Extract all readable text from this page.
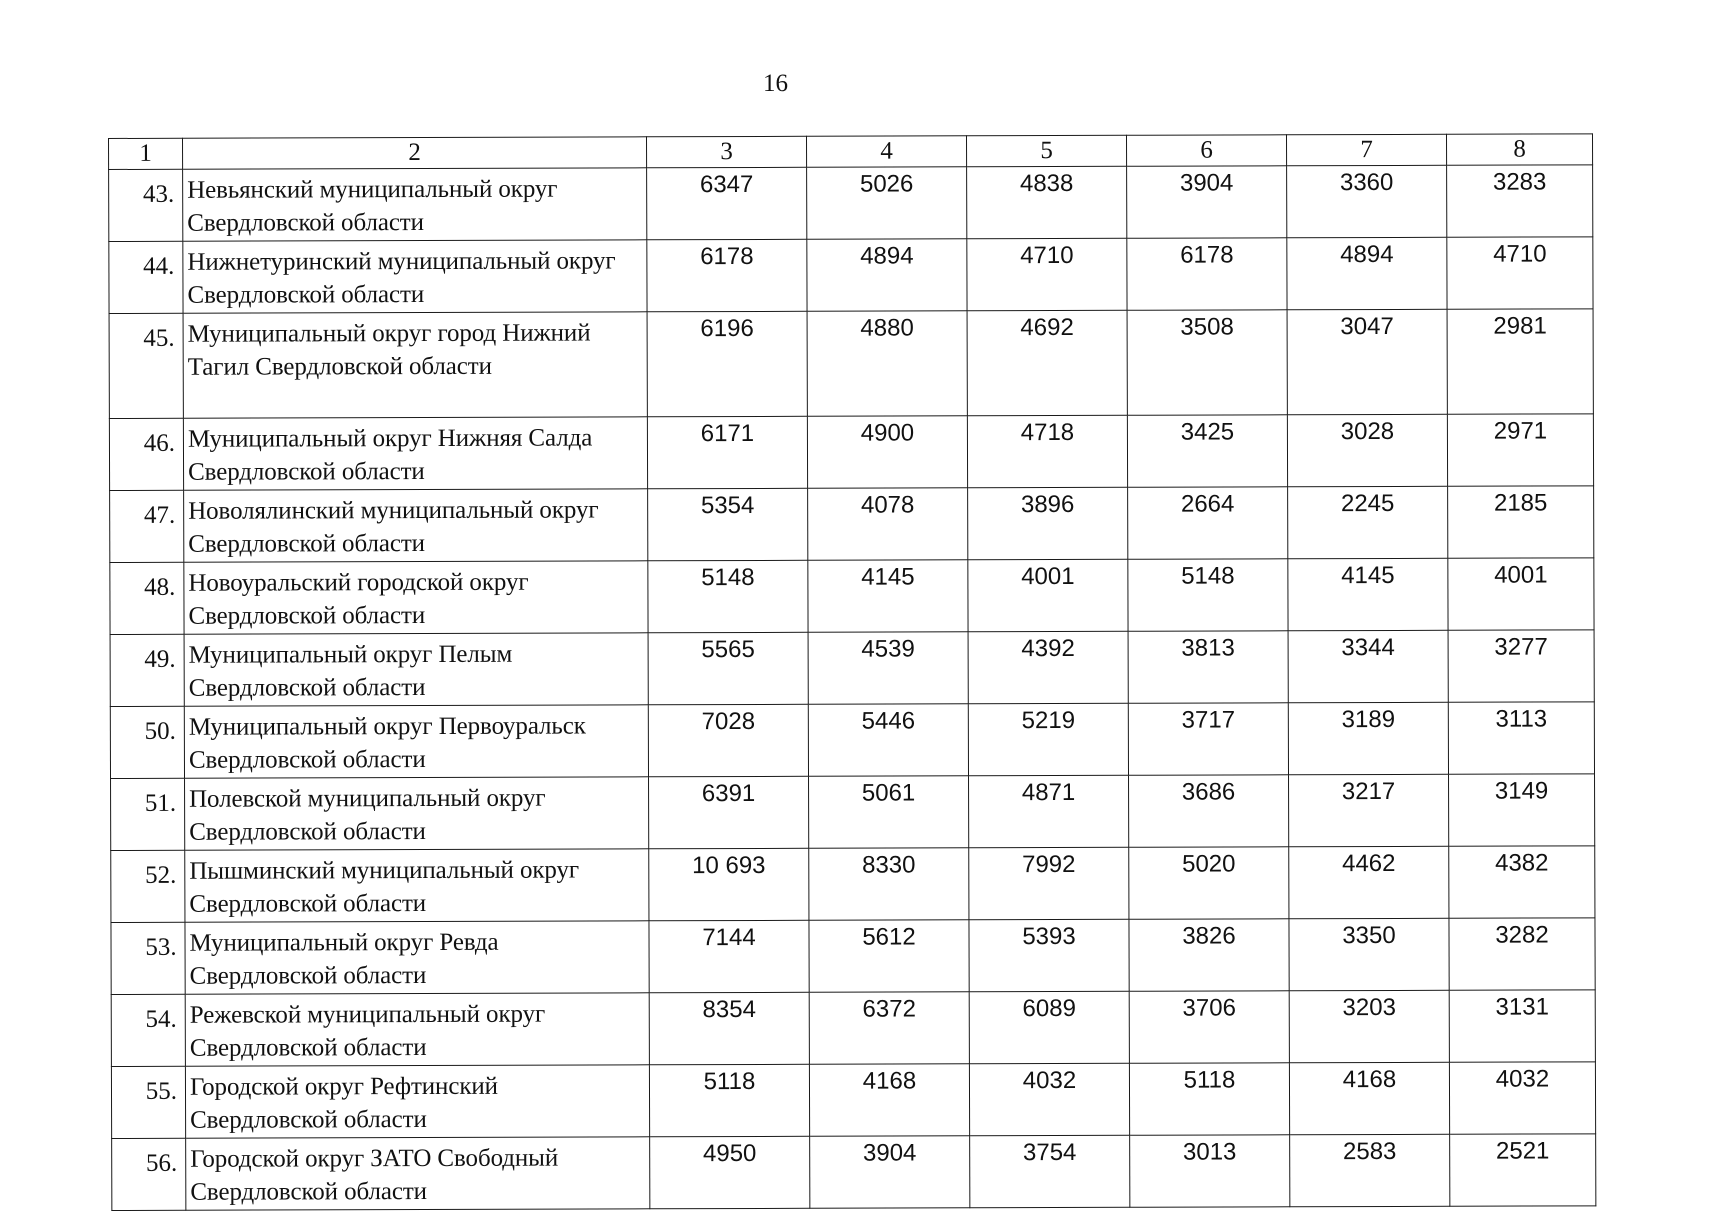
16
1	2	3	4	5	6	7	8
43.	Невьянский муниципальный округ Свердловской области	6347	5026	4838	3904	3360	3283
44.	Нижнетуринский муниципальный округ Свердловской области	6178	4894	4710	6178	4894	4710
45.	Муниципальный округ город Нижний Тагил Свердловской области	6196	4880	4692	3508	3047	2981
46.	Муниципальный округ Нижняя Салда Свердловской области	6171	4900	4718	3425	3028	2971
47.	Новолялинский муниципальный округ Свердловской области	5354	4078	3896	2664	2245	2185
48.	Новоуральский городской округ Свердловской области	5148	4145	4001	5148	4145	4001
49.	Муниципальный округ Пелым Свердловской области	5565	4539	4392	3813	3344	3277
50.	Муниципальный округ Первоуральск Свердловской области	7028	5446	5219	3717	3189	3113
51.	Полевской муниципальный округ Свердловской области	6391	5061	4871	3686	3217	3149
52.	Пышминский муниципальный округ Свердловской области	10 693	8330	7992	5020	4462	4382
53.	Муниципальный округ Ревда Свердловской области	7144	5612	5393	3826	3350	3282
54.	Режевской муниципальный округ Свердловской области	8354	6372	6089	3706	3203	3131
55.	Городской округ Рефтинский Свердловской области	5118	4168	4032	5118	4168	4032
56.	Городской округ ЗАТО Свободный Свердловской области	4950	3904	3754	3013	2583	2521
